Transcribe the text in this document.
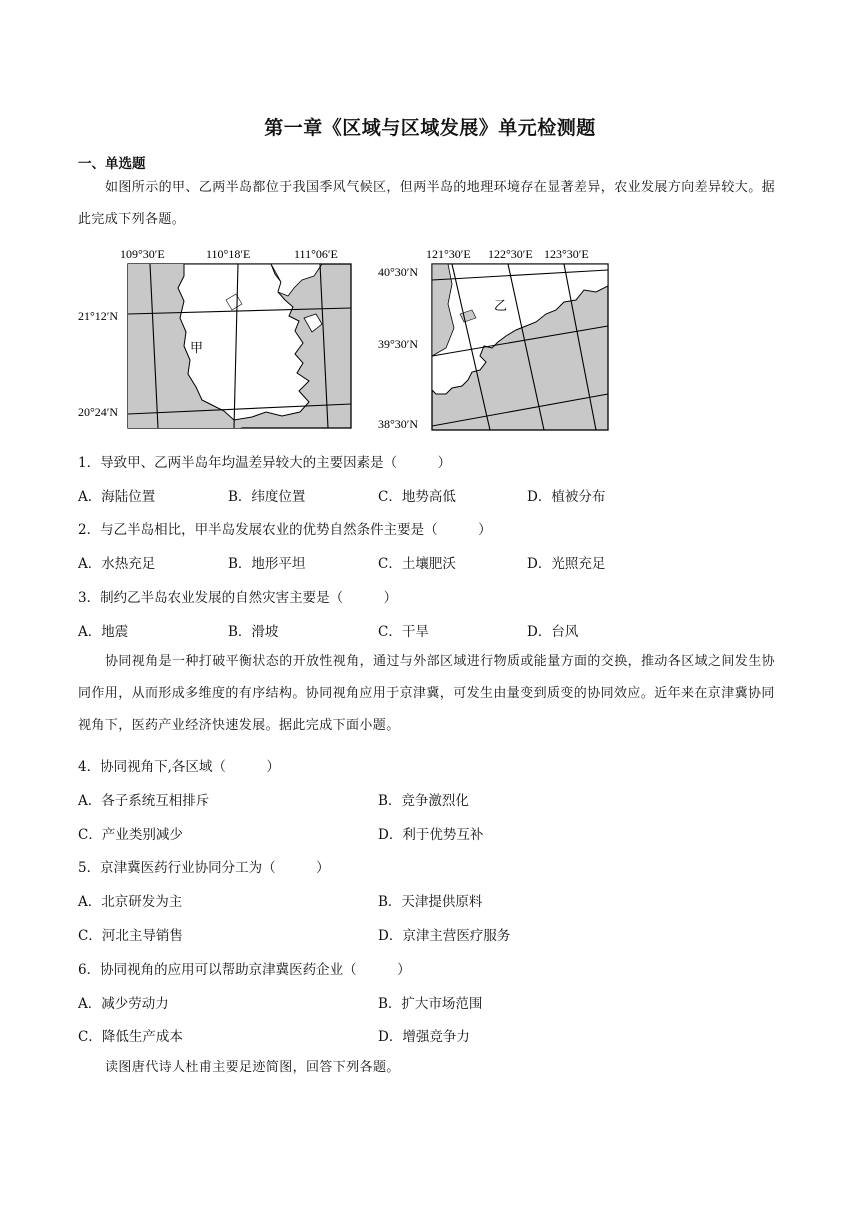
第一章《区域与区域发展》单元检测题
一、单选题
如图所示的甲、乙两半岛都位于我国季风气候区，但两半岛的地理环境存在显著差异，农业发展方向差异较大。据此完成下列各题。
109°30′E	110°18′E	111°06′E
21°12′N
20°24′N
甲
121°30′E 122°30′E 123°30′E
40°30′N
39°30′N
38°30′N
乙
1．导致甲、乙两半岛年均温差异较大的主要因素是（　　　）
A．海陆位置	B．纬度位置	C．地势高低	D．植被分布
2．与乙半岛相比，甲半岛发展农业的优势自然条件主要是（　　　）
A．水热充足	B．地形平坦	C．土壤肥沃	D．光照充足
3．制约乙半岛农业发展的自然灾害主要是（　　　）
A．地震	B．滑坡	C．干旱	D．台风
协同视角是一种打破平衡状态的开放性视角，通过与外部区域进行物质或能量方面的交换，推动各区域之间发生协同作用，从而形成多维度的有序结构。协同视角应用于京津冀，可发生由量变到质变的协同效应。近年来在京津冀协同视角下，医药产业经济快速发展。据此完成下面小题。
4．协同视角下,各区域（　　　）
A．各子系统互相排斥	B．竞争激烈化
C．产业类别减少	D．利于优势互补
5．京津冀医药行业协同分工为（　　　）
A．北京研发为主	B．天津提供原料
C．河北主导销售	D．京津主营医疗服务
6．协同视角的应用可以帮助京津冀医药企业（　　　）
A．减少劳动力	B．扩大市场范围
C．降低生产成本	D．增强竞争力
读图唐代诗人杜甫主要足迹简图，回答下列各题。
